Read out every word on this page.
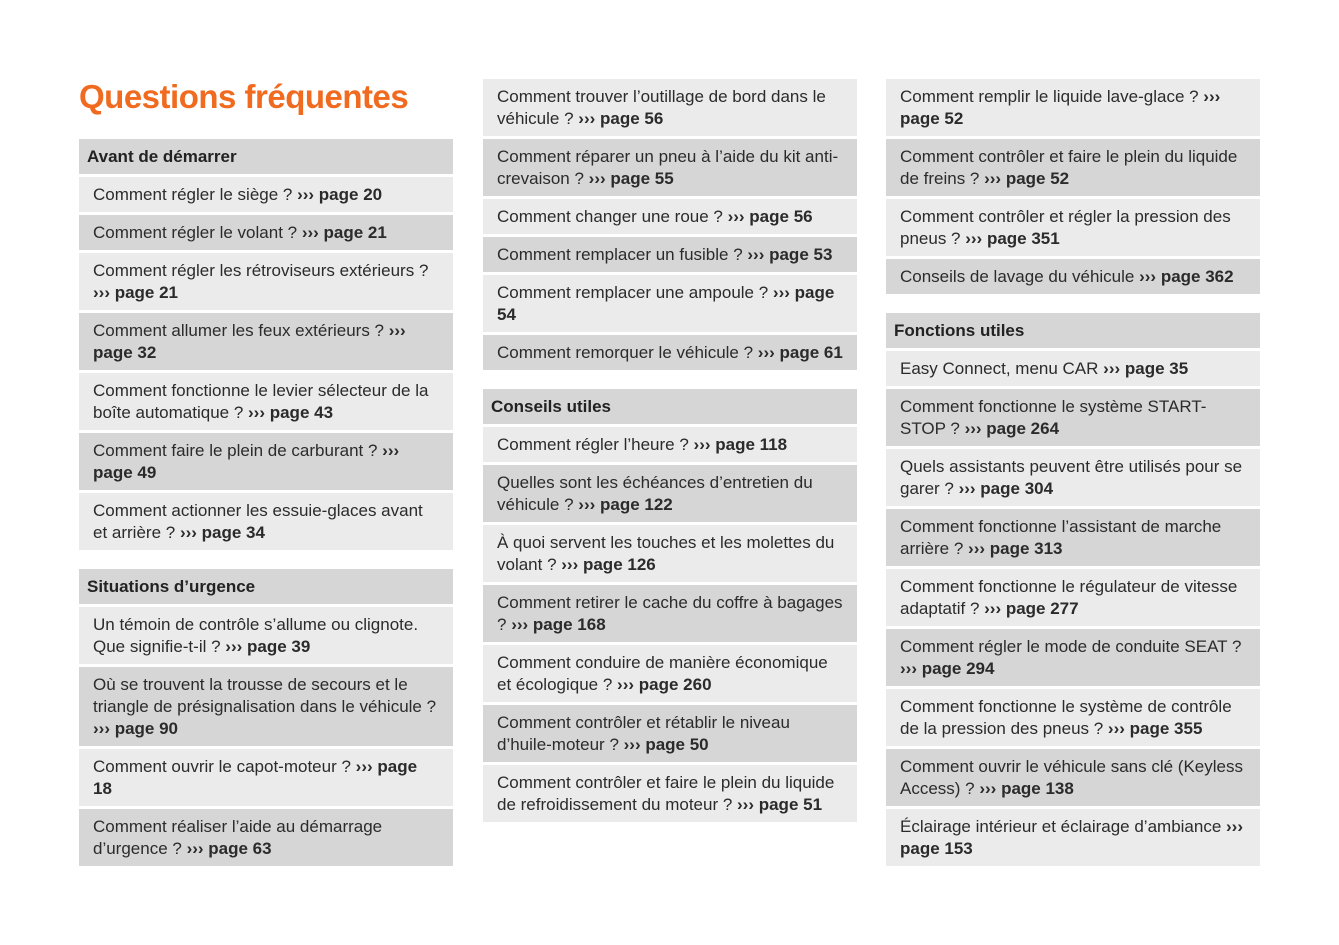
Questions fréquentes
Avant de démarrer
Comment régler le siège ? ››› page 20
Comment régler le volant ? ››› page 21
Comment régler les rétroviseurs extérieurs ? ››› page 21
Comment allumer les feux extérieurs ? ››› page 32
Comment fonctionne le levier sélecteur de la boîte automatique ? ››› page 43
Comment faire le plein de carburant ? ››› page 49
Comment actionner les essuie-glaces avant et arrière ? ››› page 34
Situations d’urgence
Un témoin de contrôle s’allume ou clignote. Que signifie-t-il ? ››› page 39
Où se trouvent la trousse de secours et le triangle de présignalisation dans le véhicule ? ››› page 90
Comment ouvrir le capot-moteur ? ››› page 18
Comment réaliser l’aide au démarrage d’urgence ? ››› page 63
Comment trouver l’outillage de bord dans le véhicule ? ››› page 56
Comment réparer un pneu à l’aide du kit anti-crevaison ? ››› page 55
Comment changer une roue ? ››› page 56
Comment remplacer un fusible ? ››› page 53
Comment remplacer une ampoule ? ››› page 54
Comment remorquer le véhicule ? ››› page 61
Conseils utiles
Comment régler l’heure ? ››› page 118
Quelles sont les échéances d’entretien du véhicule ? ››› page 122
À quoi servent les touches et les molettes du volant ? ››› page 126
Comment retirer le cache du coffre à bagages ? ››› page 168
Comment conduire de manière économique et écologique ? ››› page 260
Comment contrôler et rétablir le niveau d’huile-moteur ? ››› page 50
Comment contrôler et faire le plein du liquide de refroidissement du moteur ? ››› page 51
Comment remplir le liquide lave-glace ? ››› page 52
Comment contrôler et faire le plein du liquide de freins ? ››› page 52
Comment contrôler et régler la pression des pneus ? ››› page 351
Conseils de lavage du véhicule ››› page 362
Fonctions utiles
Easy Connect, menu CAR ››› page 35
Comment fonctionne le système START-STOP ? ››› page 264
Quels assistants peuvent être utilisés pour se garer ? ››› page 304
Comment fonctionne l’assistant de marche arrière ? ››› page 313
Comment fonctionne le régulateur de vitesse adaptatif ? ››› page 277
Comment régler le mode de conduite SEAT ? ››› page 294
Comment fonctionne le système de contrôle de la pression des pneus ? ››› page 355
Comment ouvrir le véhicule sans clé (Keyless Access) ? ››› page 138
Éclairage intérieur et éclairage d’ambiance ››› page 153
